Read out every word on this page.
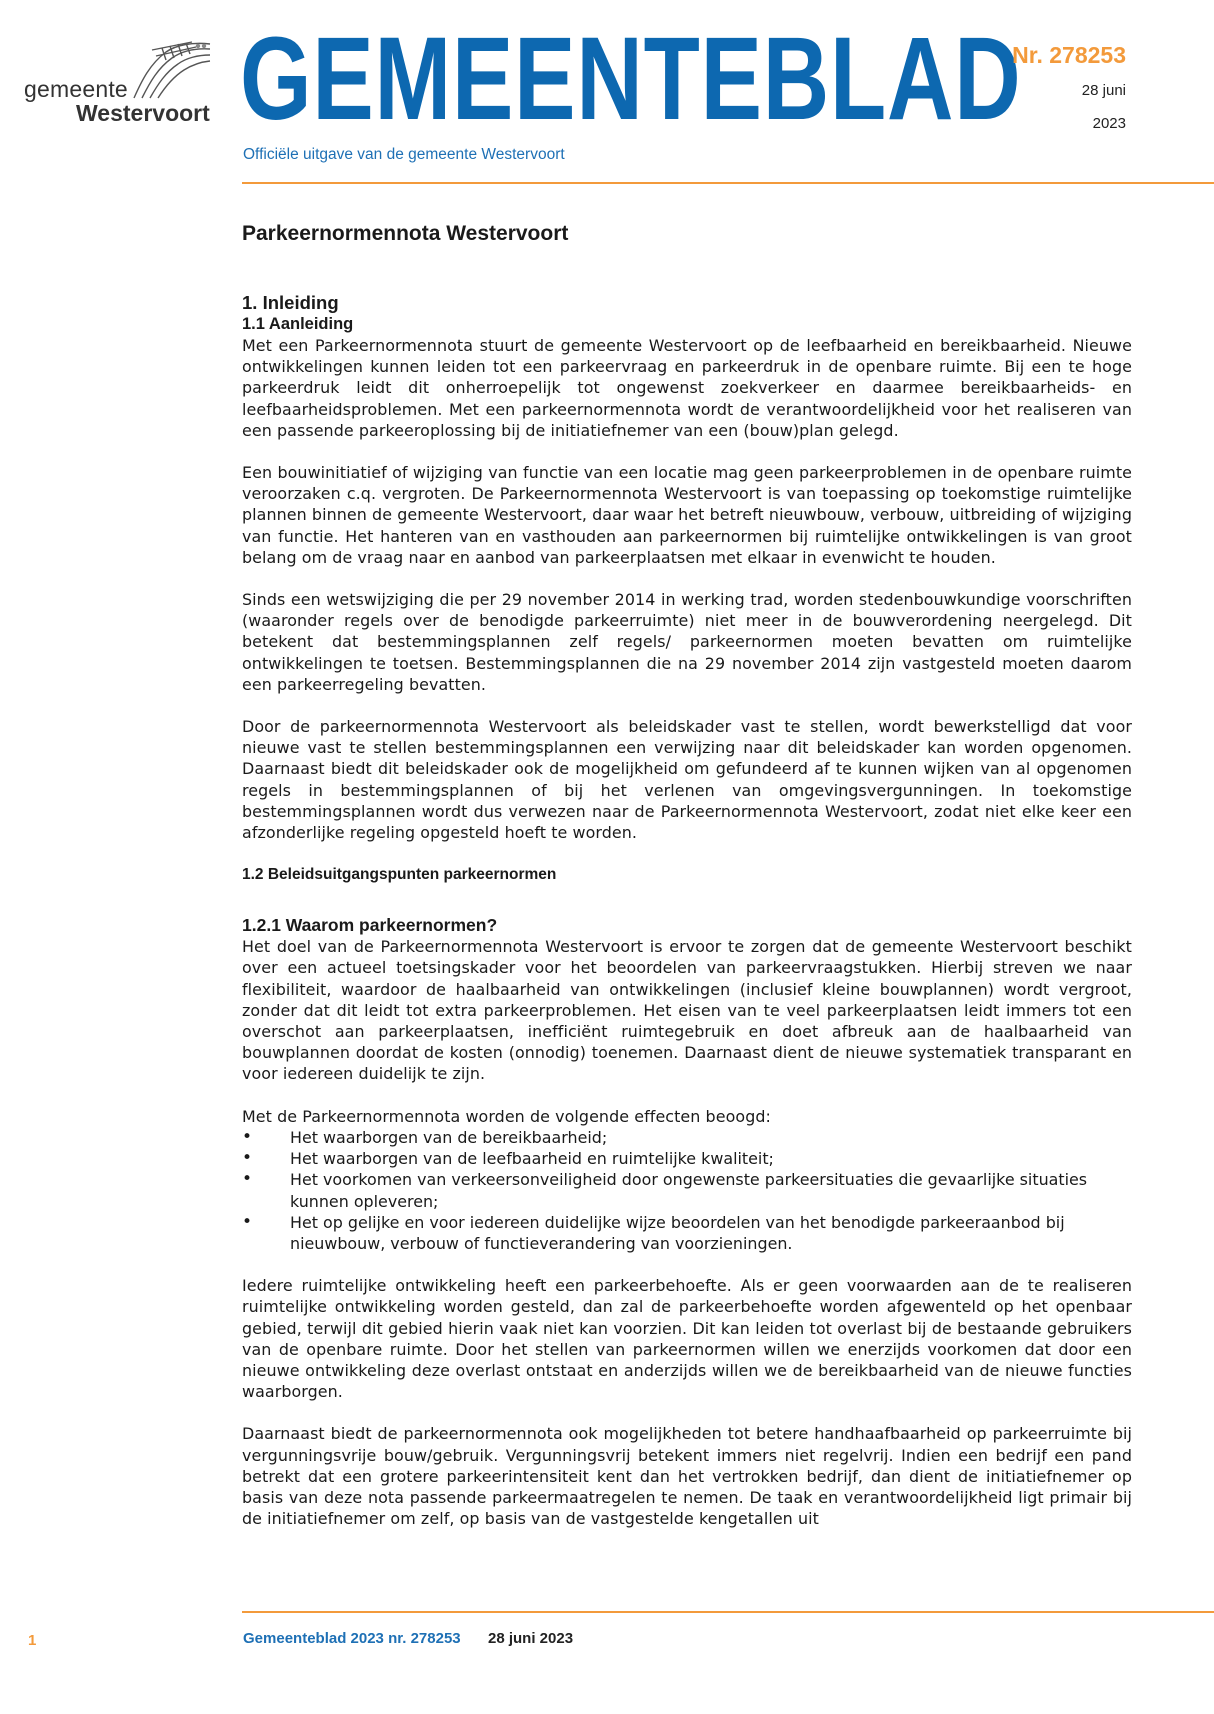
gemeente
Westervoort GEMEENTEBLAD
Officiële uitgave van de gemeente Westervoort
Nr. 278253
28 juni
2023
Parkeernormennota Westervoort
1. Inleiding
1.1 Aanleiding

Met een Parkeernormennota stuurt de gemeente Westervoort op de leefbaarheid en bereikbaarheid. Nieuwe ontwikkelingen kunnen leiden tot een parkeervraag en parkeerdruk in de openbare ruimte. Bij een te hoge parkeerdruk leidt dit onherroepelijk tot ongewenst zoekverkeer en daarmee bereikbaarheids- en leefbaarheidsproblemen. Met een parkeernormennota wordt de verantwoordelijkheid voor het realiseren van een passende parkeeroplossing bij de initiatiefnemer van een (bouw)plan gelegd.

Een bouwinitiatief of wijziging van functie van een locatie mag geen parkeerproblemen in de openbare ruimte veroorzaken c.q. vergroten. De Parkeernormennota Westervoort is van toepassing op toekomstige ruimtelijke plannen binnen de gemeente Westervoort, daar waar het betreft nieuwbouw, verbouw, uitbreiding of wijziging van functie. Het hanteren van en vasthouden aan parkeernormen bij ruimtelijke ontwikkelingen is van groot belang om de vraag naar en aanbod van parkeerplaatsen met elkaar in evenwicht te houden.

Sinds een wetswijziging die per 29 november 2014 in werking trad, worden stedenbouwkundige voorschriften (waaronder regels over de benodigde parkeerruimte) niet meer in de bouwverordening neergelegd. Dit betekent dat bestemmingsplannen zelf regels/ parkeernormen moeten bevatten om ruimtelijke ontwikkelingen te toetsen. Bestemmingsplannen die na 29 november 2014 zijn vastgesteld moeten daarom een parkeerregeling bevatten.

Door de parkeernormennota Westervoort als beleidskader vast te stellen, wordt bewerkstelligd dat voor nieuwe vast te stellen bestemmingsplannen een verwijzing naar dit beleidskader kan worden opgenomen. Daarnaast biedt dit beleidskader ook de mogelijkheid om gefundeerd af te kunnen wijken van al opgenomen regels in bestemmingsplannen of bij het verlenen van omgevingsvergunningen. In toekomstige bestemmingsplannen wordt dus verwezen naar de Parkeernormennota Westervoort, zodat niet elke keer een afzonderlijke regeling opgesteld hoeft te worden.

1.2 Beleidsuitgangspunten parkeernormen
1.2.1 Waarom parkeernormen?

Het doel van de Parkeernormennota Westervoort is ervoor te zorgen dat de gemeente Westervoort beschikt over een actueel toetsingskader voor het beoordelen van parkeervraagstukken. Hierbij streven we naar flexibiliteit, waardoor de haalbaarheid van ontwikkelingen (inclusief kleine bouwplannen) wordt vergroot, zonder dat dit leidt tot extra parkeerproblemen. Het eisen van te veel parkeerplaatsen leidt immers tot een overschot aan parkeerplaatsen, inefficiënt ruimtegebruik en doet afbreuk aan de haalbaarheid van bouwplannen doordat de kosten (onnodig) toenemen. Daarnaast dient de nieuwe systematiek transparant en voor iedereen duidelijk te zijn.

Met de Parkeernormennota worden de volgende effecten beoogd:

• Het waarborgen van de bereikbaarheid;
• Het waarborgen van de leefbaarheid en ruimtelijke kwaliteit;
• Het voorkomen van verkeersonveiligheid door ongewenste parkeersituaties die gevaarlijke situaties kunnen opleveren;
• Het op gelijke en voor iedereen duidelijke wijze beoordelen van het benodigde parkeeraanbod bij nieuwbouw, verbouw of functieverandering van voorzieningen.

Iedere ruimtelijke ontwikkeling heeft een parkeerbehoefte. Als er geen voorwaarden aan de te realiseren ruimtelijke ontwikkeling worden gesteld, dan zal de parkeerbehoefte worden afgewenteld op het openbaar gebied, terwijl dit gebied hierin vaak niet kan voorzien. Dit kan leiden tot overlast bij de bestaande gebruikers van de openbare ruimte. Door het stellen van parkeernormen willen we enerzijds voorkomen dat door een nieuwe ontwikkeling deze overlast ontstaat en anderzijds willen we de bereikbaarheid van de nieuwe functies waarborgen.

Daarnaast biedt de parkeernormennota ook mogelijkheden tot betere handhaafbaarheid op parkeerruimte bij vergunningsvrije bouw/gebruik. Vergunningsvrij betekent immers niet regelvrij. Indien een bedrijf een pand betrekt dat een grotere parkeerintensiteit kent dan het vertrokken bedrijf, dan dient de initiatiefnemer op basis van deze nota passende parkeermaatregelen te nemen. De taak en verantwoordelijkheid ligt primair bij de initiatiefnemer om zelf, op basis van de vastgestelde kengetallen uit

1	Gemeenteblad 2023 nr. 278253 28 juni 2023
